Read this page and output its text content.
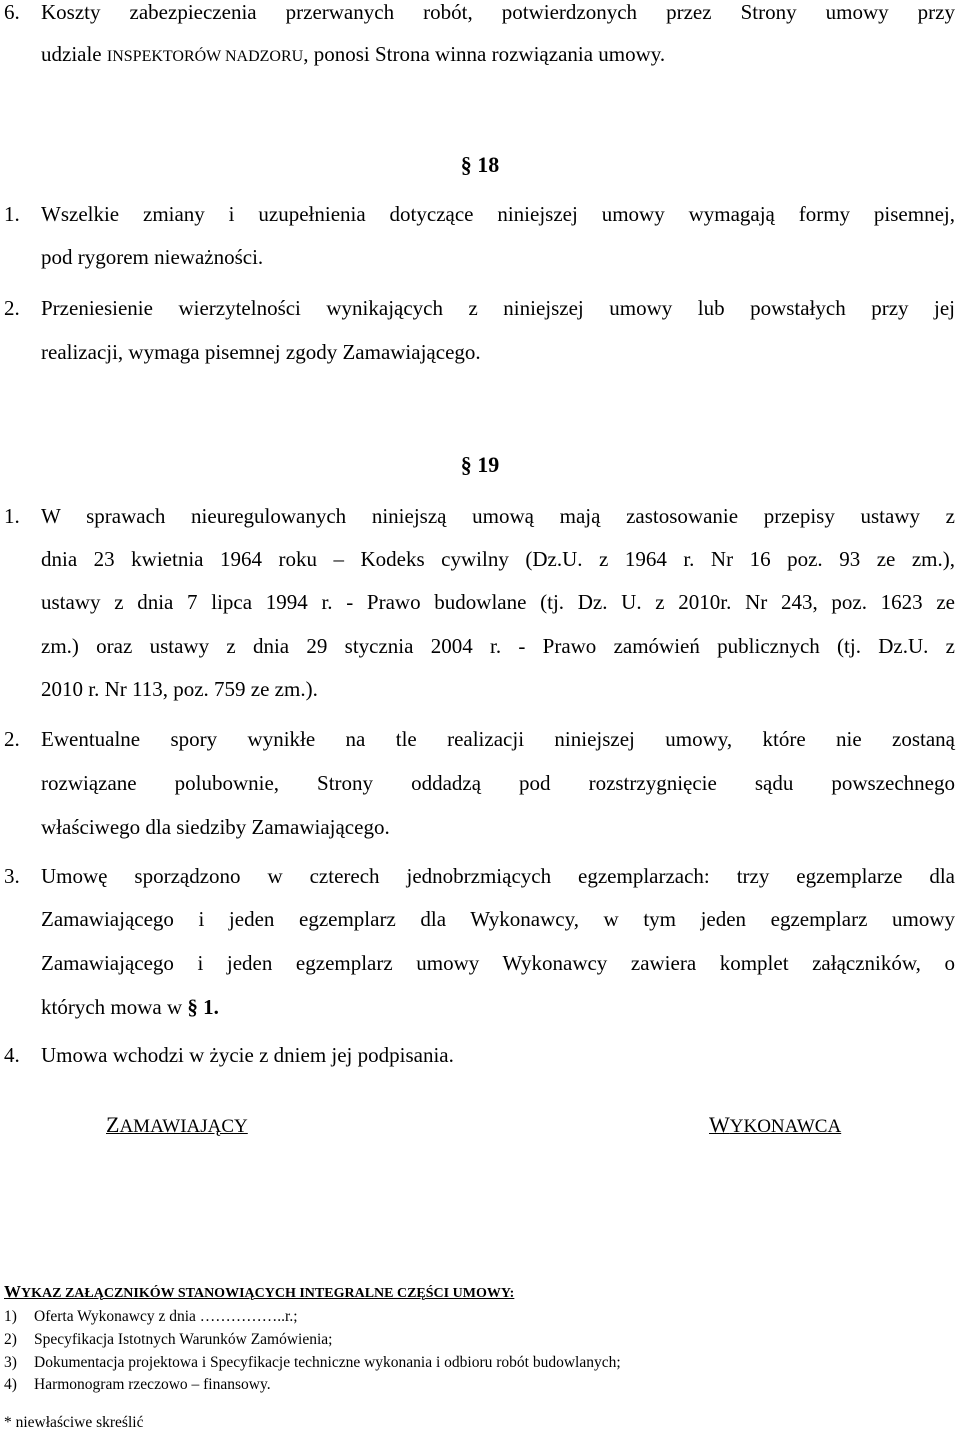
6. Koszty zabezpieczenia przerwanych robót, potwierdzonych przez Strony umowy przy
udziale INSPEKTORÓW NADZORU, ponosi Strona winna rozwiązania umowy.
§ 18
1. Wszelkie zmiany i uzupełnienia dotyczące niniejszej umowy wymagają formy pisemnej,
pod rygorem nieważności.
2. Przeniesienie wierzytelności wynikających z niniejszej umowy lub powstałych przy jej
realizacji, wymaga pisemnej zgody Zamawiającego.
§ 19
1. W sprawach nieuregulowanych niniejszą umową mają zastosowanie przepisy ustawy z
dnia 23 kwietnia 1964 roku – Kodeks cywilny (Dz.U. z 1964 r. Nr 16 poz. 93 ze zm.),
ustawy z dnia 7 lipca 1994 r. - Prawo budowlane (tj. Dz. U. z 2010r. Nr 243, poz. 1623 ze
zm.) oraz ustawy z dnia 29 stycznia 2004 r. - Prawo zamówień publicznych (tj. Dz.U. z
2010 r. Nr 113, poz. 759 ze zm.).
2. Ewentualne spory wynikłe na tle realizacji niniejszej umowy, które nie zostaną
rozwiązane polubownie, Strony oddadzą pod rozstrzygnięcie sądu powszechnego
właściwego dla siedziby Zamawiającego.
3. Umowę sporządzono w czterech jednobrzmiących egzemplarzach: trzy egzemplarze dla
Zamawiającego i jeden egzemplarz dla Wykonawcy, w tym jeden egzemplarz umowy
Zamawiającego i jeden egzemplarz umowy Wykonawcy zawiera komplet załączników, o
których mowa w § 1.
4. Umowa wchodzi w życie z dniem jej podpisania.
ZAMAWIAJĄCY	WYKONAWCA
WYKAZ ZAŁĄCZNIKÓW STANOWIĄCYCH INTEGRALNE CZĘŚCI UMOWY:
1) Oferta Wykonawcy z dnia ……………..r.;
2) Specyfikacja Istotnych Warunków Zamówienia;
3) Dokumentacja projektowa i Specyfikacje techniczne wykonania i odbioru robót budowlanych;
4) Harmonogram rzeczowo – finansowy.
* niewłaściwe skreślić
